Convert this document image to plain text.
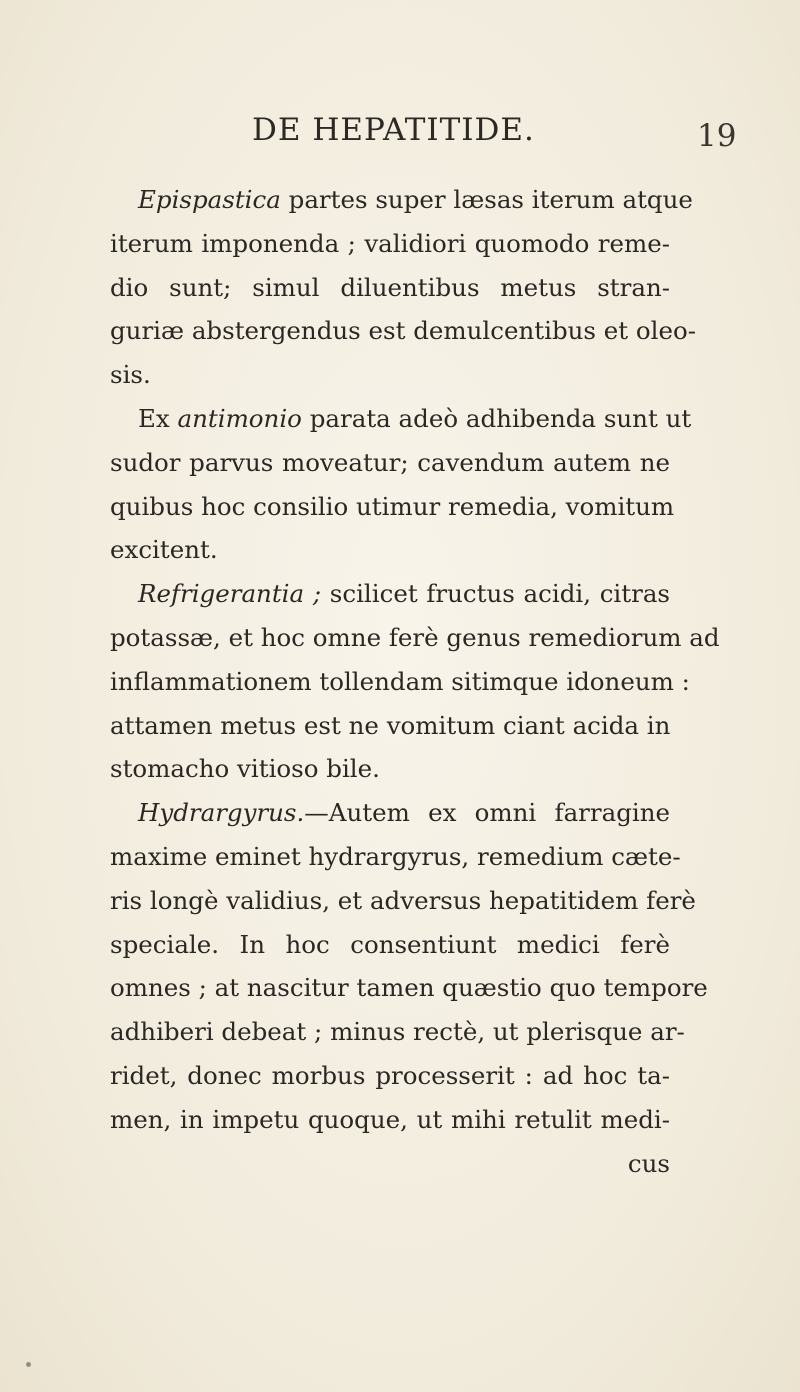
DE HEPATITIDE.	19
Epispastica partes super læsas iterum atque
iterum imponenda ; validiori quomodo reme-
dio sunt; simul diluentibus metus stran-
guriæ abstergendus est demulcentibus et oleo-
sis.
Ex antimonio parata adeò adhibenda sunt ut
sudor parvus moveatur; cavendum autem ne
quibus hoc consilio utimur remedia, vomitum
excitent.
Refrigerantia ; scilicet fructus acidi, citras
potassæ, et hoc omne ferè genus remediorum ad
inflammationem tollendam sitimque idoneum :
attamen metus est ne vomitum ciant acida in
stomacho vitioso bile.
Hydrargyrus.—Autem ex omni farragine
maxime eminet hydrargyrus, remedium cæte-
ris longè validius, et adversus hepatitidem ferè
speciale. In hoc consentiunt medici ferè
omnes ; at nascitur tamen quæstio quo tempore
adhiberi debeat ; minus rectè, ut plerisque ar-
ridet, donec morbus processerit : ad hoc ta-
men, in impetu quoque, ut mihi retulit medi-
cus
